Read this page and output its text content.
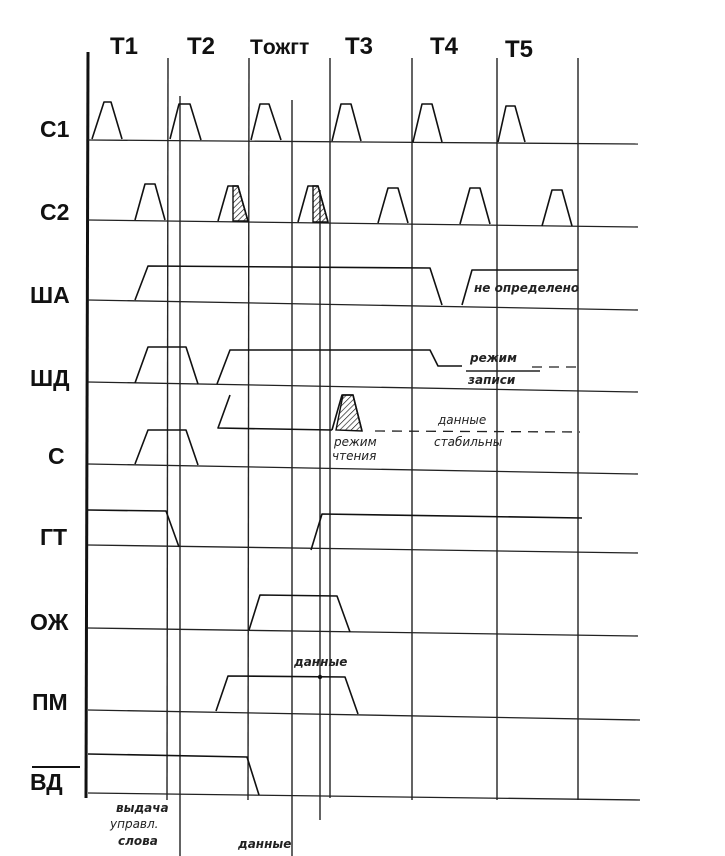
T1 T2 Tожгт T3 T4 T5
C1
C2
ША
ШД
С
ГТ
ОЖ
ПМ
ВД
не определено
режим
записи
данные
стабильны
режим
чтения
данные
выдача
управл.
слова	данные
